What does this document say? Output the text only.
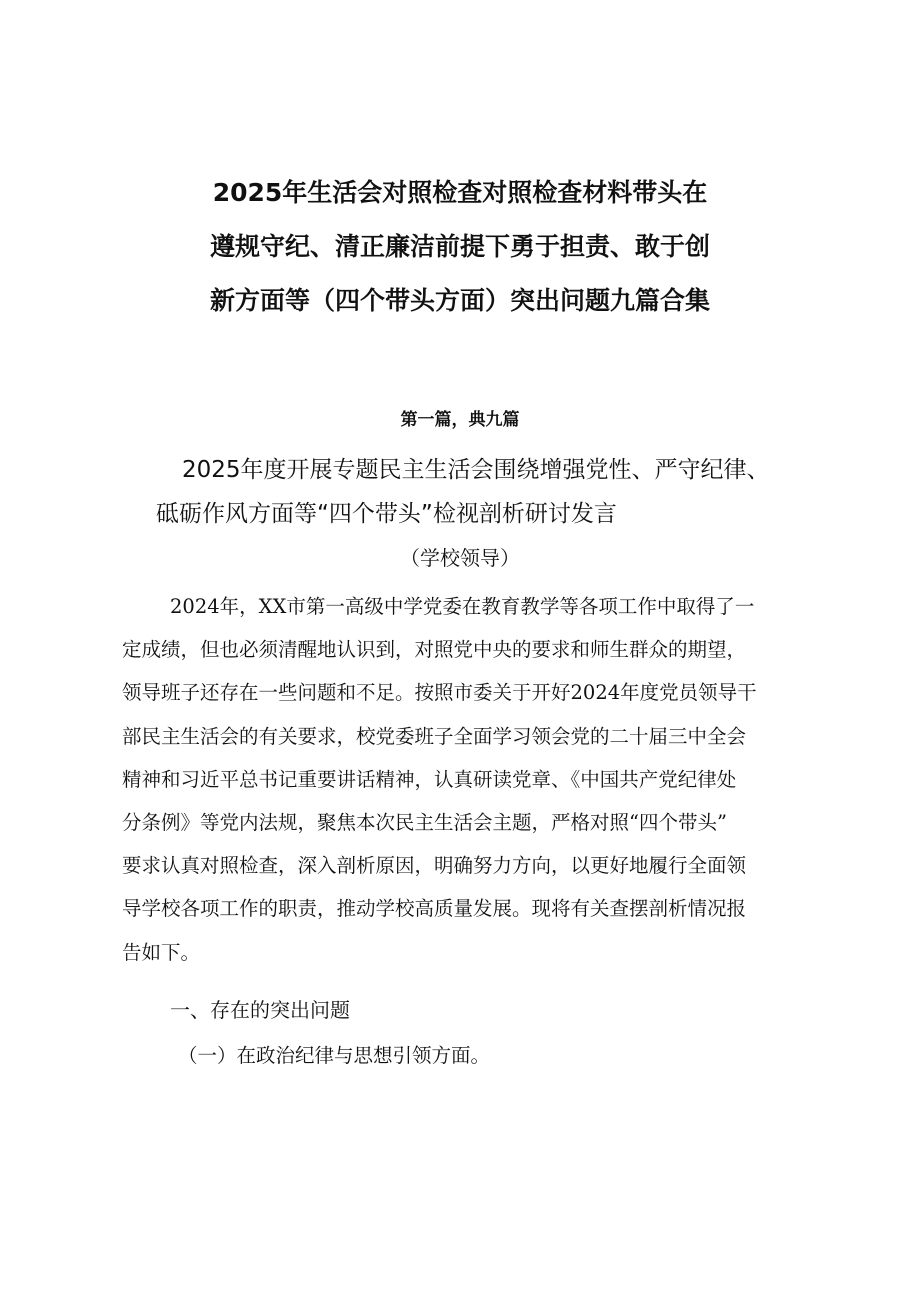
2025年生活会对照检查对照检查材料带头在
遵规守纪、清正廉洁前提下勇于担责、敢于创
新方面等（四个带头方面）突出问题九篇合集
第一篇，典九篇
2025年度开展专题民主生活会围绕增强党性、严守纪律、
砥砺作风方面等“四个带头”检视剖析研讨发言
（学校领导）
2024年，XX市第一高级中学党委在教育教学等各项工作中取得了一
定成绩，但也必须清醒地认识到，对照党中央的要求和师生群众的期望，
领导班子还存在一些问题和不足。按照市委关于开好2024年度党员领导干
部民主生活会的有关要求，校党委班子全面学习领会党的二十届三中全会
精神和习近平总书记重要讲话精神，认真研读党章、《中国共产党纪律处
分条例》等党内法规，聚焦本次民主生活会主题，严格对照“四个带头”
要求认真对照检查，深入剖析原因，明确努力方向，以更好地履行全面领
导学校各项工作的职责，推动学校高质量发展。现将有关查摆剖析情况报
告如下。
一、存在的突出问题
（一）在政治纪律与思想引领方面。
